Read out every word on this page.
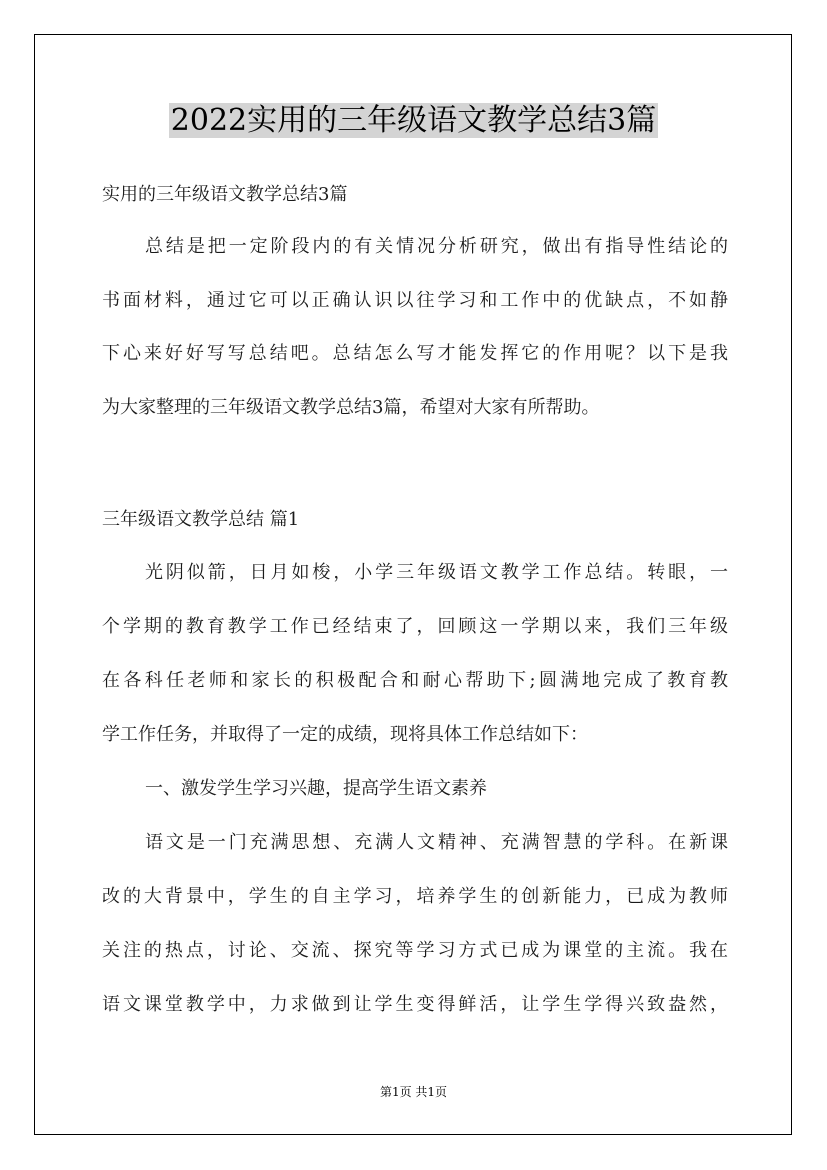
2022实用的三年级语文教学总结3篇

实用的三年级语文教学总结3篇

总结是把一定阶段内的有关情况分析研究，做出有指导性结论的

书面材料，通过它可以正确认识以往学习和工作中的优缺点，不如静

下心来好好写写总结吧。总结怎么写才能发挥它的作用呢？以下是我

为大家整理的三年级语文教学总结3篇，希望对大家有所帮助。

三年级语文教学总结 篇1

光阴似箭，日月如梭，小学三年级语文教学工作总结。转眼，一

个学期的教育教学工作已经结束了，回顾这一学期以来，我们三年级

在各科任老师和家长的积极配合和耐心帮助下;圆满地完成了教育教

学工作任务，并取得了一定的成绩，现将具体工作总结如下：

一、激发学生学习兴趣，提高学生语文素养

语文是一门充满思想、充满人文精神、充满智慧的学科。在新课

改的大背景中，学生的自主学习，培养学生的创新能力，已成为教师

关注的热点，讨论、交流、探究等学习方式已成为课堂的主流。我在

语文课堂教学中，力求做到让学生变得鲜活，让学生学得兴致盎然，

第1页 共1页
